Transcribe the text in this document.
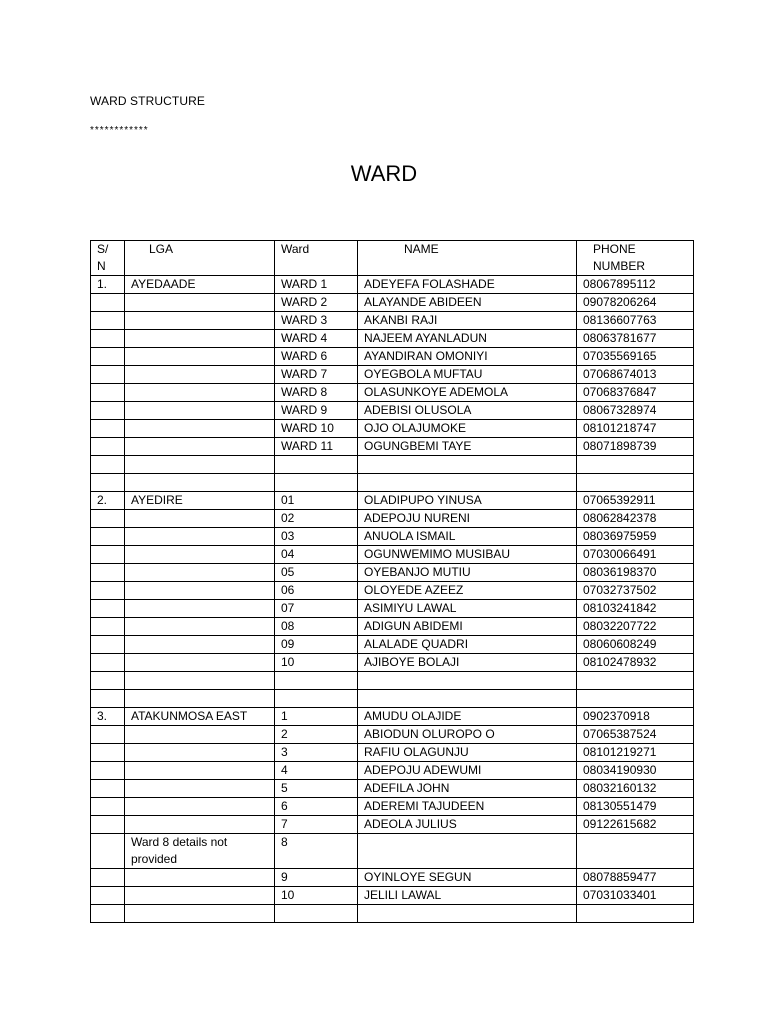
WARD STRUCTURE
************
WARD
S/ N	LGA	Ward	NAME	PHONE NUMBER
1.	AYEDAADE	WARD 1	ADEYEFA FOLASHADE	08067895112
		WARD 2	ALAYANDE ABIDEEN	09078206264
		WARD 3	AKANBI RAJI	08136607763
		WARD 4	NAJEEM AYANLADUN	08063781677
		WARD 6	AYANDIRAN OMONIYI	07035569165
		WARD 7	OYEGBOLA MUFTAU	07068674013
		WARD 8	OLASUNKOYE ADEMOLA	07068376847
		WARD 9	ADEBISI OLUSOLA	08067328974
		WARD 10	OJO OLAJUMOKE	08101218747
		WARD 11	OGUNGBEMI TAYE	08071898739

2.	AYEDIRE	01	OLADIPUPO YINUSA	07065392911
		02	ADEPOJU NURENI	08062842378
		03	ANUOLA ISMAIL	08036975959
		04	OGUNWEMIMO MUSIBAU	07030066491
		05	OYEBANJO MUTIU	08036198370
		06	OLOYEDE AZEEZ	07032737502
		07	ASIMIYU LAWAL	08103241842
		08	ADIGUN ABIDEMI	08032207722
		09	ALALADE QUADRI	08060608249
		10	AJIBOYE BOLAJI	08102478932

3.	ATAKUNMOSA EAST	1	AMUDU OLAJIDE	0902370918
		2	ABIODUN OLUROPO O	07065387524
		3	RAFIU OLAGUNJU	08101219271
		4	ADEPOJU ADEWUMI	08034190930
		5	ADEFILA JOHN	08032160132
		6	ADEREMI TAJUDEEN	08130551479
		7	ADEOLA JULIUS	09122615682
	Ward 8 details not provided	8		
		9	OYINLOYE SEGUN	08078859477
		10	JELILI LAWAL	07031033401
